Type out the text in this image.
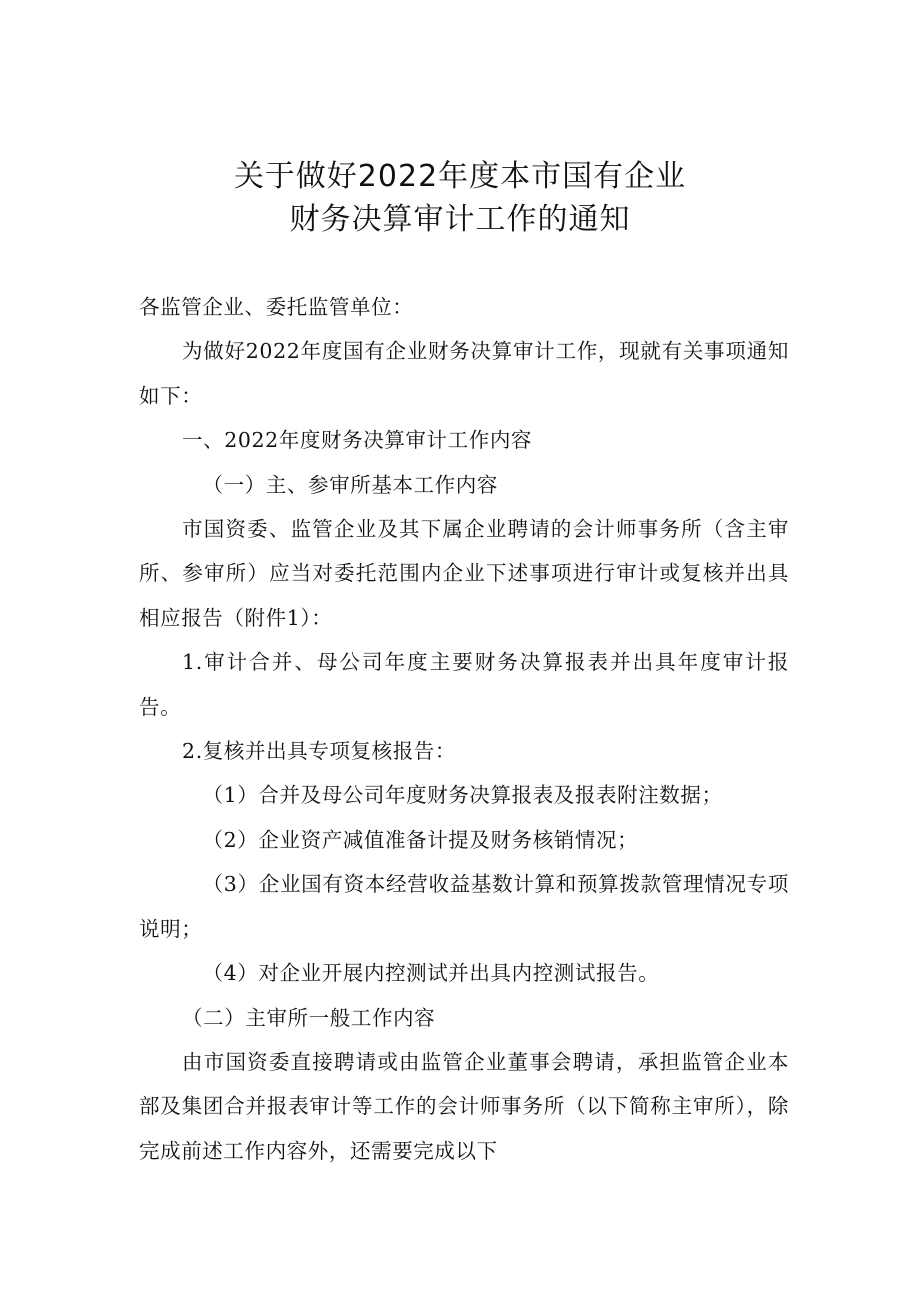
关于做好2022年度本市国有企业
财务决算审计工作的通知

各监管企业、委托监管单位：

为做好2022年度国有企业财务决算审计工作，现就有关事项通知如下：

一、2022年度财务决算审计工作内容

（一）主、参审所基本工作内容

市国资委、监管企业及其下属企业聘请的会计师事务所（含主审所、参审所）应当对委托范围内企业下述事项进行审计或复核并出具相应报告（附件1）：

1.审计合并、母公司年度主要财务决算报表并出具年度审计报告。

2.复核并出具专项复核报告：

（1）合并及母公司年度财务决算报表及报表附注数据；

（2）企业资产减值准备计提及财务核销情况；

（3）企业国有资本经营收益基数计算和预算拨款管理情况专项说明；

（4）对企业开展内控测试并出具内控测试报告。

（二）主审所一般工作内容

由市国资委直接聘请或由监管企业董事会聘请，承担监管企业本部及集团合并报表审计等工作的会计师事务所（以下简称主审所），除完成前述工作内容外，还需要完成以下
